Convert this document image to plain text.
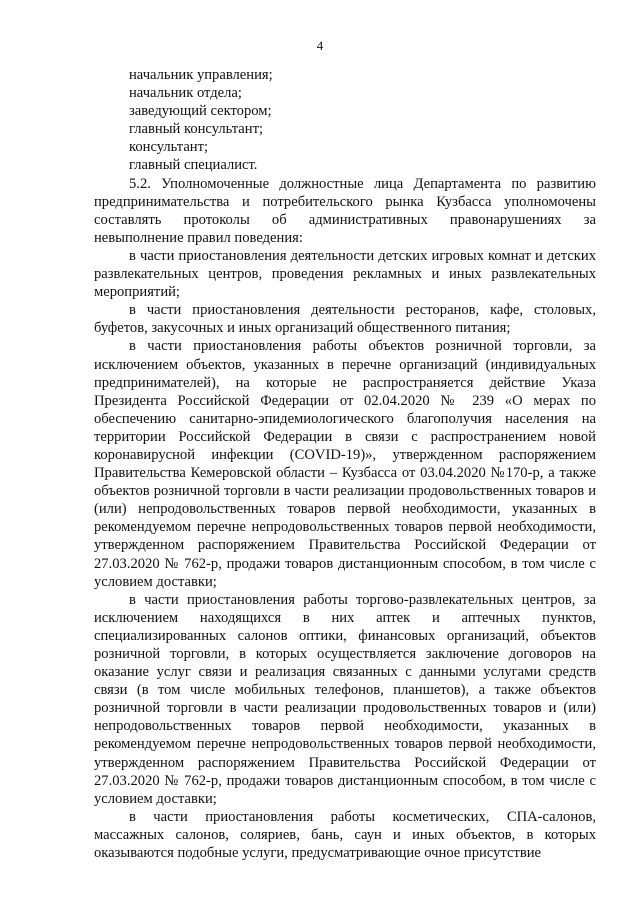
4

начальник управления;

начальник отдела;

заведующий сектором;

главный консультант;

консультант;

главный специалист.

5.2. Уполномоченные должностные лица Департамента по развитию предпринимательства и потребительского рынка Кузбасса уполномочены составлять протоколы об административных правонарушениях за невыполнение правил поведения:

в части приостановления деятельности детских игровых комнат и детских развлекательных центров, проведения рекламных и иных развлекательных мероприятий;

в части приостановления деятельности ресторанов, кафе, столовых, буфетов, закусочных и иных организаций общественного питания;

в части приостановления работы объектов розничной торговли, за исключением объектов, указанных в перечне организаций (индивидуальных предпринимателей), на которые не распространяется действие Указа Президента Российской Федерации от 02.04.2020 № 239 «О мерах по обеспечению санитарно-эпидемиологического благополучия населения на территории Российской Федерации в связи с распространением новой коронавирусной инфекции (COVID-19)», утвержденном распоряжением Правительства Кемеровской области – Кузбасса от 03.04.2020 №170-р, а также объектов розничной торговли в части реализации продовольственных товаров и (или) непродовольственных товаров первой необходимости, указанных в рекомендуемом перечне непродовольственных товаров первой необходимости, утвержденном распоряжением Правительства Российской Федерации от 27.03.2020 № 762-р, продажи товаров дистанционным способом, в том числе с условием доставки;

в части приостановления работы торгово-развлекательных центров, за исключением находящихся в них аптек и аптечных пунктов, специализированных салонов оптики, финансовых организаций, объектов розничной торговли, в которых осуществляется заключение договоров на оказание услуг связи и реализация связанных с данными услугами средств связи (в том числе мобильных телефонов, планшетов), а также объектов розничной торговли в части реализации продовольственных товаров и (или) непродовольственных товаров первой необходимости, указанных в рекомендуемом перечне непродовольственных товаров первой необходимости, утвержденном распоряжением Правительства Российской Федерации от 27.03.2020 № 762-р, продажи товаров дистанционным способом, в том числе с условием доставки;

в части приостановления работы косметических, СПА-салонов, массажных салонов, соляриев, бань, саун и иных объектов, в которых оказываются подобные услуги, предусматривающие очное присутствие
